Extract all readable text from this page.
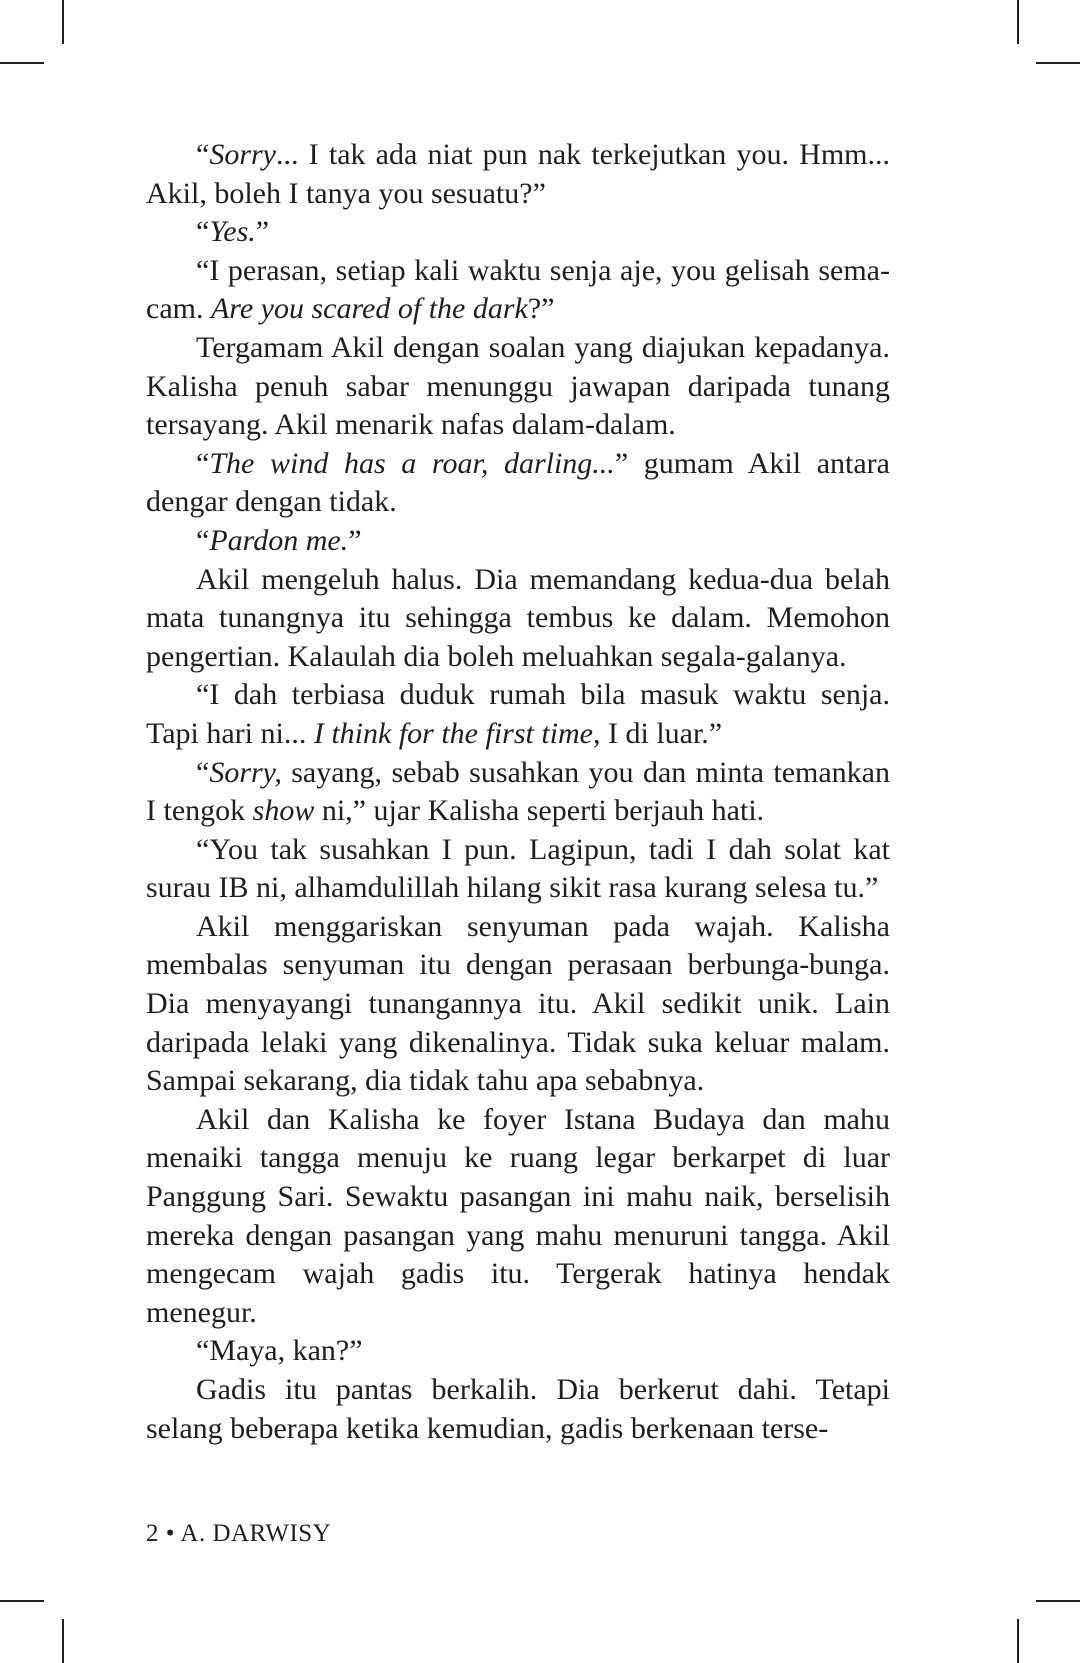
“Sorry... I tak ada niat pun nak terkejutkan you. Hmm... Akil, boleh I tanya you sesuatu?”

“Yes.”

“I perasan, setiap kali waktu senja aje, you gelisah semacam. Are you scared of the dark?”

Tergamam Akil dengan soalan yang diajukan kepadanya. Kalisha penuh sabar menunggu jawapan daripada tunang tersayang. Akil menarik nafas dalam-dalam.

“The wind has a roar, darling...” gumam Akil antara dengar dengan tidak.

“Pardon me.”

Akil mengeluh halus. Dia memandang kedua-dua belah mata tunangnya itu sehingga tembus ke dalam. Memohon pengertian. Kalaulah dia boleh meluahkan segala-galanya.

“I dah terbiasa duduk rumah bila masuk waktu senja. Tapi hari ni... I think for the first time, I di luar.”

“Sorry, sayang, sebab susahkan you dan minta temankan I tengok show ni,” ujar Kalisha seperti berjauh hati.

“You tak susahkan I pun. Lagipun, tadi I dah solat kat surau IB ni, alhamdulillah hilang sikit rasa kurang selesa tu.”

Akil menggariskan senyuman pada wajah. Kalisha membalas senyuman itu dengan perasaan berbunga-bunga. Dia menyayangi tunangannya itu. Akil sedikit unik. Lain daripada lelaki yang dikenalinya. Tidak suka keluar malam. Sampai sekarang, dia tidak tahu apa sebabnya.

Akil dan Kalisha ke foyer Istana Budaya dan mahu menaiki tangga menuju ke ruang legar berkarpet di luar Panggung Sari. Sewaktu pasangan ini mahu naik, berselisih mereka dengan pasangan yang mahu menuruni tangga. Akil mengecam wajah gadis itu. Tergerak hatinya hendak menegur.

“Maya, kan?”

Gadis itu pantas berkalih. Dia berkerut dahi. Tetapi selang beberapa ketika kemudian, gadis berkenaan terse-

2 • A. DARWISY
